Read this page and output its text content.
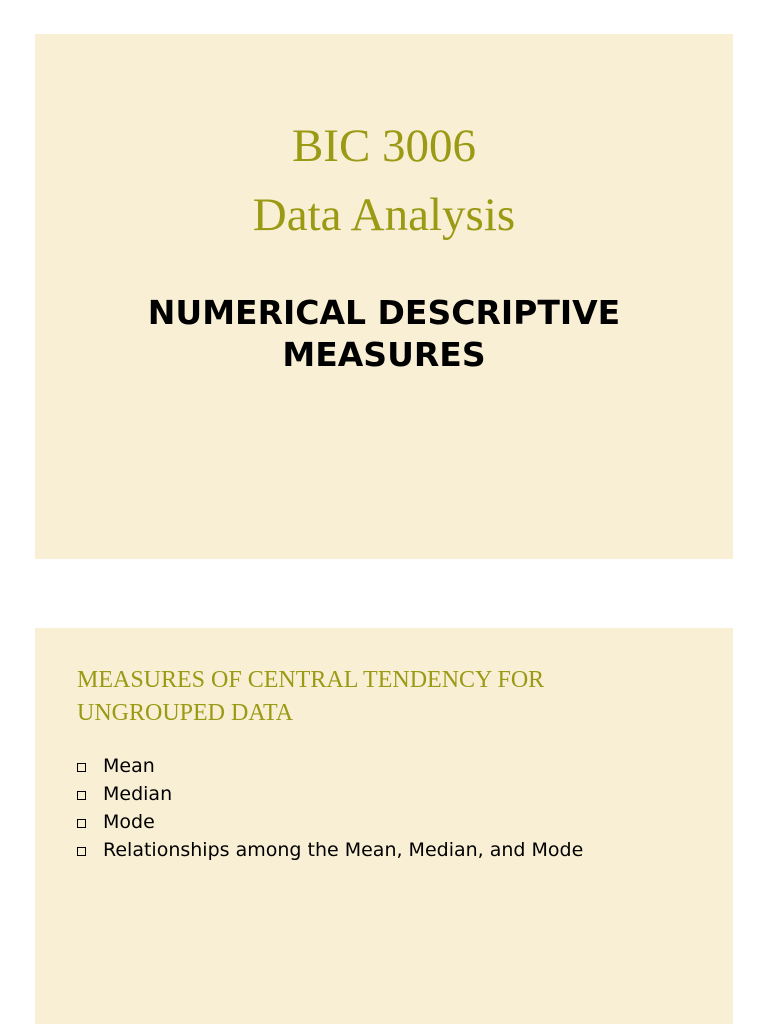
BIC 3006
Data Analysis
NUMERICAL DESCRIPTIVE
MEASURES
MEASURES OF CENTRAL TENDENCY FOR
UNGROUPED DATA
Mean
Median
Mode
Relationships among the Mean, Median, and Mode
